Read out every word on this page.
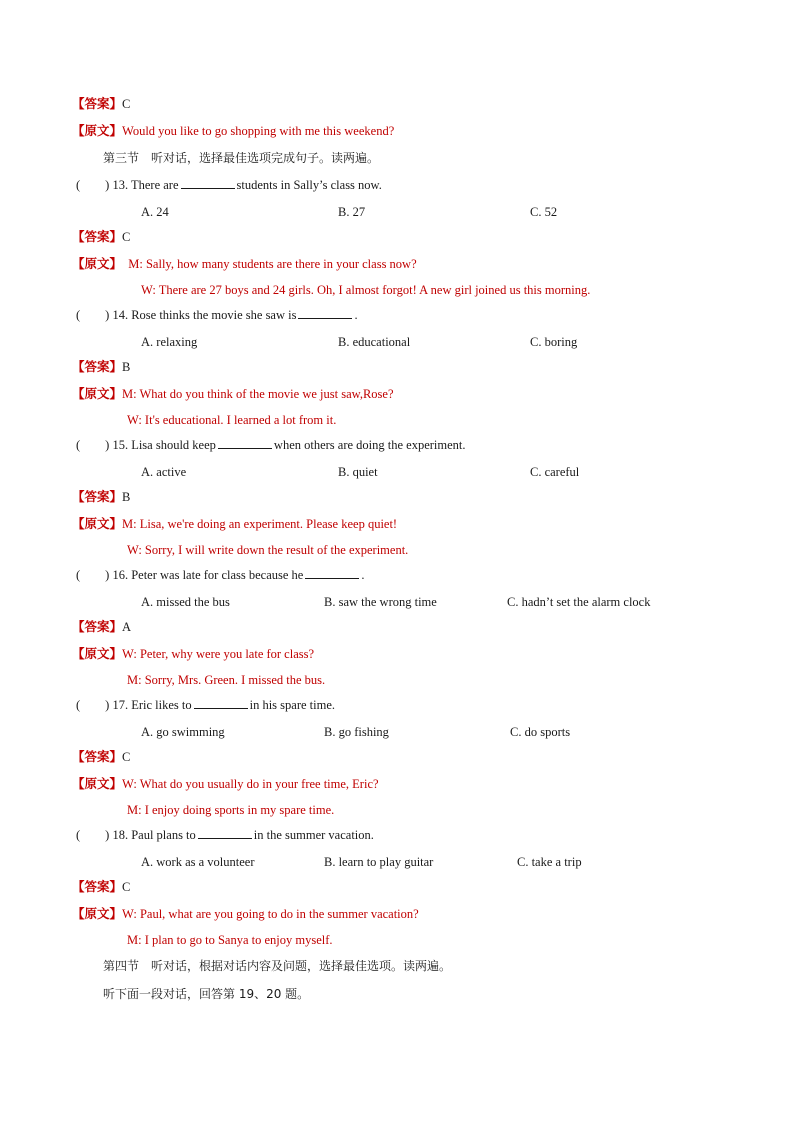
【答案】C
【原文】Would you like to go shopping with me this weekend?
第三节　听对话，选择最佳选项完成句子。读两遍。
(　　) 13. There are	students in Sally’s class now.
A. 24	B. 27	C. 52
【答案】C
【原文】 M: Sally, how many students are there in your class now?
W: There are 27 boys and 24 girls. Oh, I almost forgot! A new girl joined us this morning.
(　　) 14. Rose thinks the movie she saw is	.
A. relaxing	B. educational	C. boring
【答案】B
【原文】M: What do you think of the movie we just saw,Rose?
W: It's educational. I learned a lot from it.
(　　) 15. Lisa should keep	when others are doing the experiment.
A. active	B. quiet	C. careful
【答案】B
【原文】M: Lisa, we're doing an experiment. Please keep quiet!
W: Sorry, I will write down the result of the experiment.
(　　) 16. Peter was late for class because he	.
A. missed the bus	B. saw the wrong time	C. hadn’t set the alarm clock
【答案】A
【原文】W: Peter, why were you late for class?
M: Sorry, Mrs. Green. I missed the bus.
(　　) 17. Eric likes to	in his spare time.
A. go swimming	B. go fishing	C. do sports
【答案】C
【原文】W: What do you usually do in your free time, Eric?
M: I enjoy doing sports in my spare time.
(　　) 18. Paul plans to	in the summer vacation.
A. work as a volunteer	B. learn to play guitar	C. take a trip
【答案】C
【原文】W: Paul, what are you going to do in the summer vacation?
M: I plan to go to Sanya to enjoy myself.
第四节　听对话，根据对话内容及问题，选择最佳选项。读两遍。
听下面一段对话，回答第 19、20 题。
